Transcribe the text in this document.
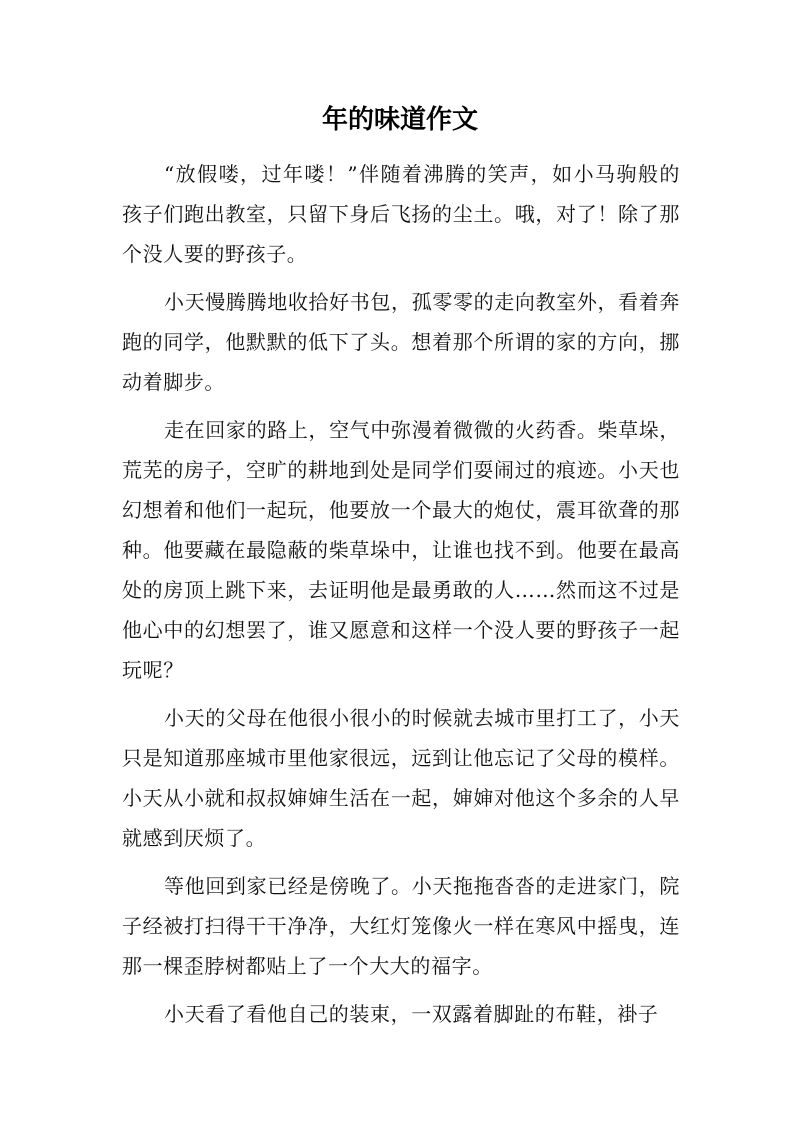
年的味道作文

“放假喽，过年喽！”伴随着沸腾的笑声，如小马驹般的孩子们跑出教室，只留下身后飞扬的尘土。哦，对了！除了那个没人要的野孩子。

小天慢腾腾地收拾好书包，孤零零的走向教室外，看着奔跑的同学，他默默的低下了头。想着那个所谓的家的方向，挪动着脚步。

走在回家的路上，空气中弥漫着微微的火药香。柴草垛，荒芜的房子，空旷的耕地到处是同学们耍闹过的痕迹。小天也幻想着和他们一起玩，他要放一个最大的炮仗，震耳欲聋的那种。他要藏在最隐蔽的柴草垛中，让谁也找不到。他要在最高处的房顶上跳下来，去证明他是最勇敢的人……然而这不过是他心中的幻想罢了，谁又愿意和这样一个没人要的野孩子一起玩呢？

小天的父母在他很小很小的时候就去城市里打工了，小天只是知道那座城市里他家很远，远到让他忘记了父母的模样。小天从小就和叔叔婶婶生活在一起，婶婶对他这个多余的人早就感到厌烦了。

等他回到家已经是傍晚了。小天拖拖沓沓的走进家门，院子经被打扫得干干净净，大红灯笼像火一样在寒风中摇曳，连那一棵歪脖树都贴上了一个大大的福字。

小天看了看他自己的装束，一双露着脚趾的布鞋，褂子
